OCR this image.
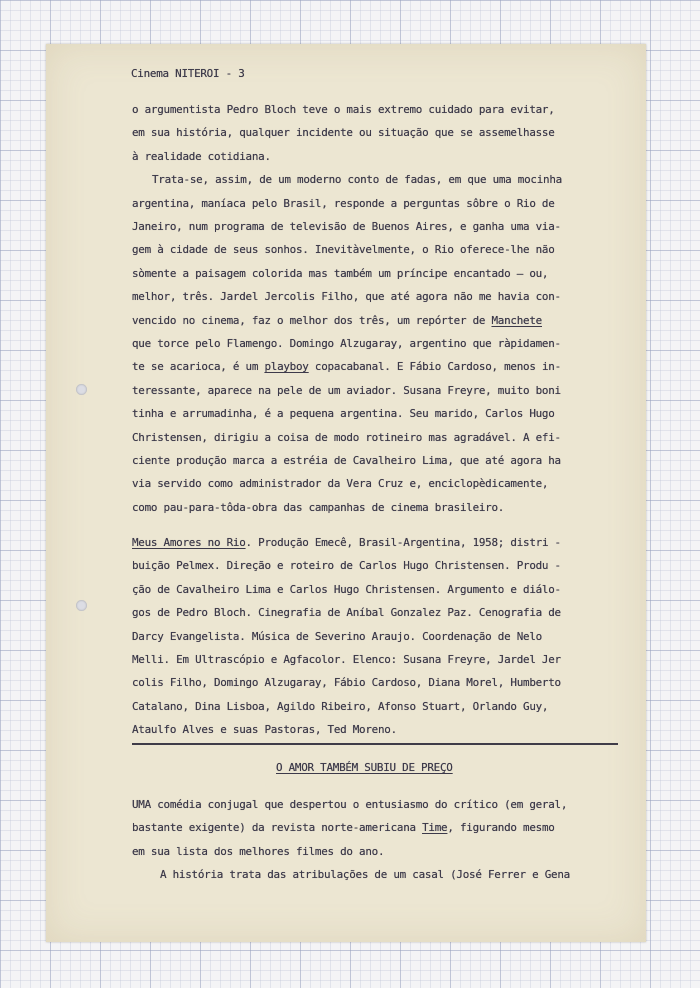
Cinema NITEROI - 3
o argumentista Pedro Bloch teve o mais extremo cuidado para evitar,
em sua história, qualquer incidente ou situação que se assemelhasse
à realidade cotidiana.
Trata-se, assim, de um moderno conto de fadas, em que uma mocinha
argentina, maníaca pelo Brasil, responde a perguntas sôbre o Rio de
Janeiro, num programa de televisão de Buenos Aires, e ganha uma via-
gem à cidade de seus sonhos. Inevitàvelmente, o Rio oferece-lhe não
sòmente a paisagem colorida mas também um príncipe encantado — ou,
melhor, três. Jardel Jercolis Filho, que até agora não me havia con-
vencido no cinema, faz o melhor dos três, um repórter de Manchete
que torce pelo Flamengo. Domingo Alzugaray, argentino que ràpidamen-
te se acarioca, é um playboy copacabanal. E Fábio Cardoso, menos in-
teressante, aparece na pele de um aviador. Susana Freyre, muito boni
tinha e arrumadinha, é a pequena argentina. Seu marido, Carlos Hugo
Christensen, dirigiu a coisa de modo rotineiro mas agradável. A efi-
ciente produção marca a estréia de Cavalheiro Lima, que até agora ha
via servido como administrador da Vera Cruz e, enciclopèdicamente,
como pau-para-tôda-obra das campanhas de cinema brasileiro.
Meus Amores no Rio. Produção Emecê, Brasil-Argentina, 1958; distri -
buição Pelmex. Direção e roteiro de Carlos Hugo Christensen. Produ -
ção de Cavalheiro Lima e Carlos Hugo Christensen. Argumento e diálo-
gos de Pedro Bloch. Cinegrafia de Aníbal Gonzalez Paz. Cenografia de
Darcy Evangelista. Música de Severino Araujo. Coordenação de Nelo
Melli. Em Ultrascópio e Agfacolor. Elenco: Susana Freyre, Jardel Jer
colis Filho, Domingo Alzugaray, Fábio Cardoso, Diana Morel, Humberto
Catalano, Dina Lisboa, Agildo Ribeiro, Afonso Stuart, Orlando Guy,
Ataulfo Alves e suas Pastoras, Ted Moreno.
UMA comédia conjugal que despertou o entusiasmo do crítico (em geral,
bastante exigente) da revista norte-americana Time, figurando mesmo
em sua lista dos melhores filmes do ano.
A história trata das atribulações de um casal (José Ferrer e Gena
O AMOR TAMBÉM SUBIU DE PREÇO
